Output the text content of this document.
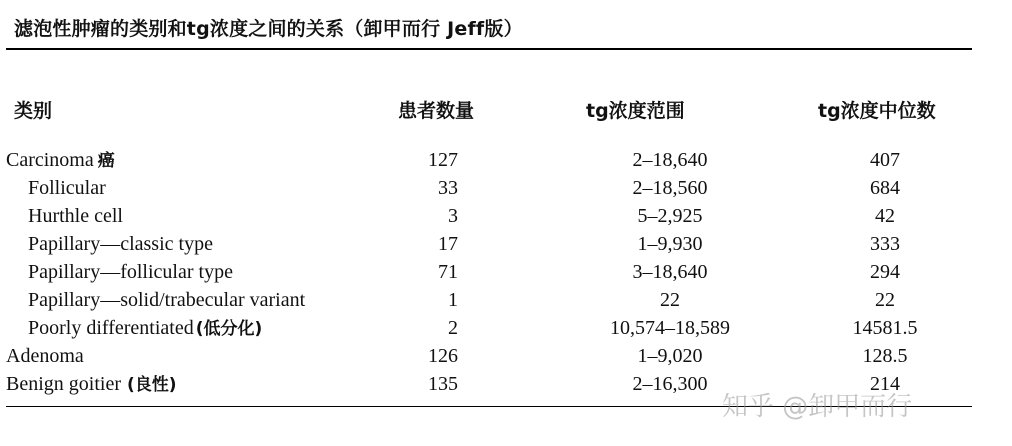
滤泡性肿瘤的类别和tg浓度之间的关系（卸甲而行 Jeff版）
类别	患者数量	tg浓度范围	tg浓度中位数
Carcinoma 癌	127	2–18,640	407
Follicular	33	2–18,560	684
Hurthle cell	3	5–2,925	42
Papillary—classic type	17	1–9,930	333
Papillary—follicular type	71	3–18,640	294
Papillary—solid/trabecular variant	1	22	22
Poorly differentiated (低分化)	2	10,574–18,589	14581.5
Adenoma	126	1–9,020	128.5
Benign goitier (良性)	135	2–16,300	214
知乎 @卸甲而行
